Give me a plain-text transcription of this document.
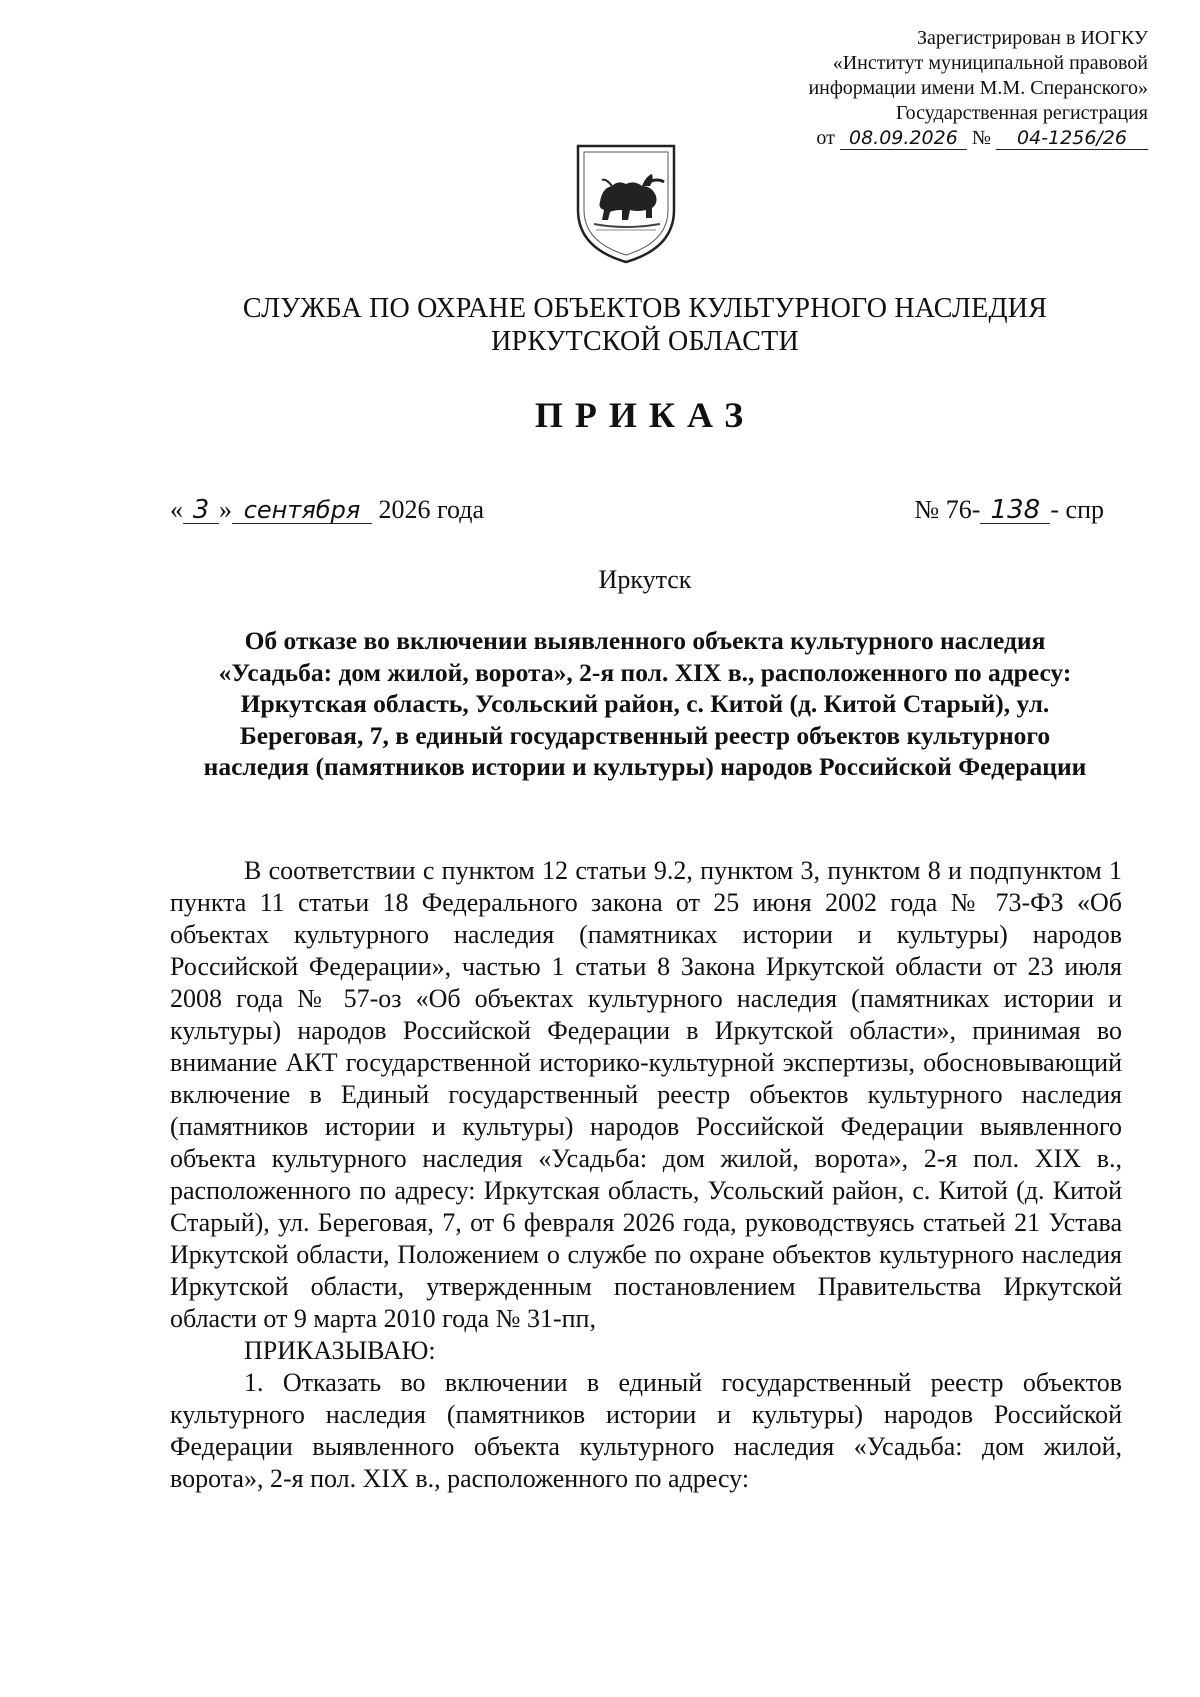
Зарегистрирован в ИОГКУ
«Институт муниципальной правовой
информации имени М.М. Сперанского»
Государственная регистрация
от 08.09.2026 № 04-1256/26
СЛУЖБА ПО ОХРАНЕ ОБЪЕКТОВ КУЛЬТУРНОГО НАСЛЕДИЯ
ИРКУТСКОЙ ОБЛАСТИ
ПРИКАЗ
« 3 » сентября 2026 года	№ 76- 138 - спр
Иркутск
Об отказе во включении выявленного объекта культурного наследия «Усадьба: дом жилой, ворота», 2-я пол. XIX в., расположенного по адресу: Иркутская область, Усольский район, с. Китой (д. Китой Старый), ул. Береговая, 7, в единый государственный реестр объектов культурного наследия (памятников истории и культуры) народов Российской Федерации

В соответствии с пунктом 12 статьи 9.2, пунктом 3, пунктом 8 и подпунктом 1 пункта 11 статьи 18 Федерального закона от 25 июня 2002 года № 73-ФЗ «Об объектах культурного наследия (памятниках истории и культуры) народов Российской Федерации», частью 1 статьи 8 Закона Иркутской области от 23 июля 2008 года № 57-оз «Об объектах культурного наследия (памятниках истории и культуры) народов Российской Федерации в Иркутской области», принимая во внимание АКТ государственной историко-культурной экспертизы, обосновывающий включение в Единый государственный реестр объектов культурного наследия (памятников истории и культуры) народов Российской Федерации выявленного объекта культурного наследия «Усадьба: дом жилой, ворота», 2-я пол. XIX в., расположенного по адресу: Иркутская область, Усольский район, с. Китой (д. Китой Старый), ул. Береговая, 7, от 6 февраля 2026 года, руководствуясь статьей 21 Устава Иркутской области, Положением о службе по охране объектов культурного наследия Иркутской области, утвержденным постановлением Правительства Иркутской области от 9 марта 2010 года № 31-пп,

ПРИКАЗЫВАЮ:

1. Отказать во включении в единый государственный реестр объектов культурного наследия (памятников истории и культуры) народов Российской Федерации выявленного объекта культурного наследия «Усадьба: дом жилой, ворота», 2-я пол. XIX в., расположенного по адресу:
